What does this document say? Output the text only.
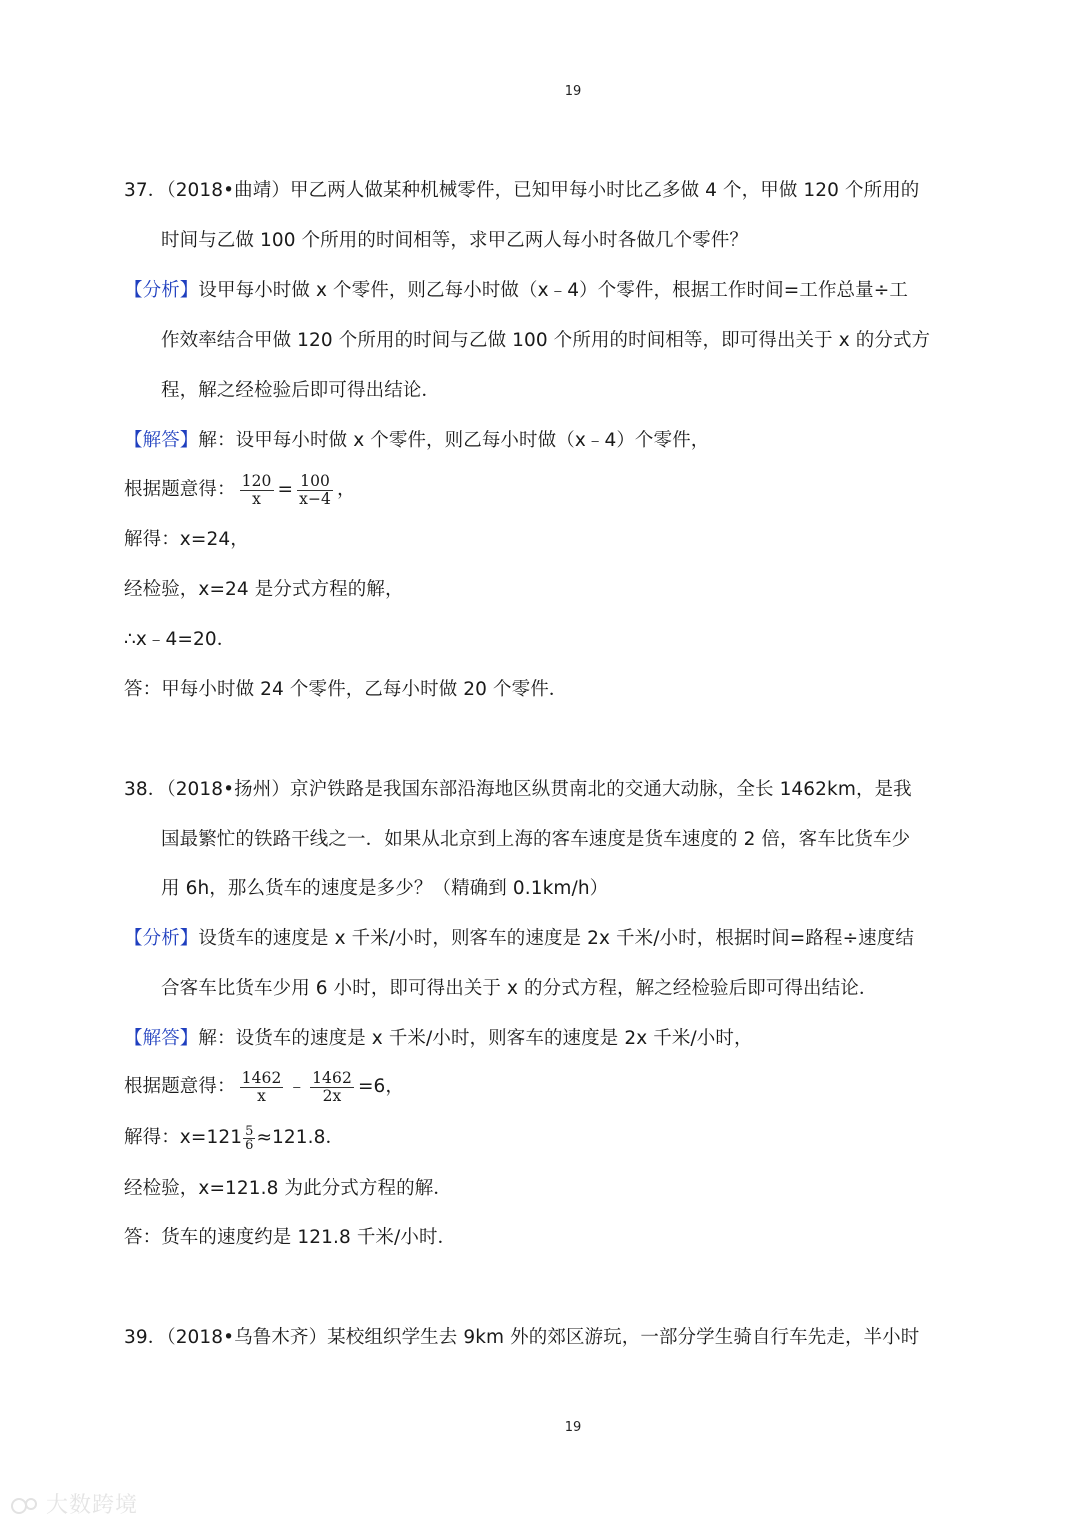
19
37．（2018•曲靖）甲乙两人做某种机械零件，已知甲每小时比乙多做 4 个，甲做 120 个所用的
时间与乙做 100 个所用的时间相等，求甲乙两人每小时各做几个零件？
【分析】设甲每小时做 x 个零件，则乙每小时做（x﹣4）个零件，根据工作时间=工作总量÷工
作效率结合甲做 120 个所用的时间与乙做 100 个所用的时间相等，即可得出关于 x 的分式方
程，解之经检验后即可得出结论．
【解答】解：设甲每小时做 x 个零件，则乙每小时做（x﹣4）个零件，
根据题意得： $\frac{120}{x} = \frac{100}{x-4}$ ，
解得：x=24，
经检验，x=24 是分式方程的解，
∴x﹣4=20．
答：甲每小时做 24 个零件，乙每小时做 20 个零件．
38．（2018•扬州）京沪铁路是我国东部沿海地区纵贯南北的交通大动脉，全长 1462km，是我
国最繁忙的铁路干线之一．如果从北京到上海的客车速度是货车速度的 2 倍，客车比货车少
用 6h，那么货车的速度是多少？（精确到 0.1km/h）
【分析】设货车的速度是 x 千米/小时，则客车的速度是 2x 千米/小时，根据时间=路程÷速度结
合客车比货车少用 6 小时，即可得出关于 x 的分式方程，解之经检验后即可得出结论．
【解答】解：设货车的速度是 x 千米/小时，则客车的速度是 2x 千米/小时，
根据题意得： $\frac{1462}{x}$ ﹣ $\frac{1462}{2x} =6$，
解得：$x=121 \frac{5}{6} \approx 121.8$．
经检验，x=121.8 为此分式方程的解．
答：货车的速度约是 121.8 千米/小时．
39．（2018•乌鲁木齐）某校组织学生去 9km 外的郊区游玩，一部分学生骑自行车先走，半小时
19
大数跨境
